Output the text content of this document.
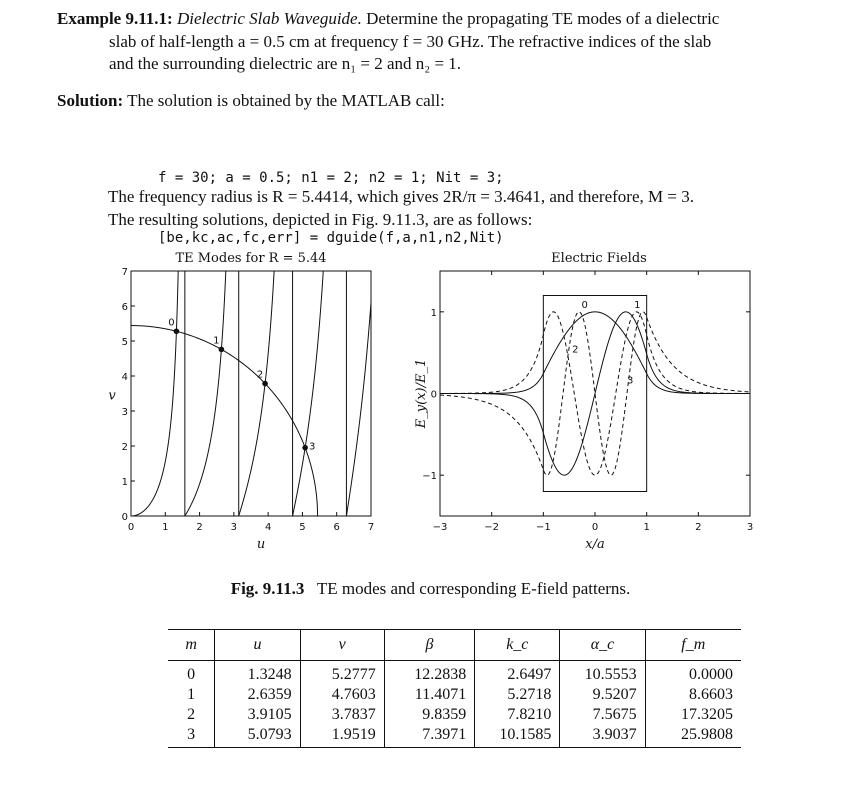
Example 9.11.1: Dielectric Slab Waveguide. Determine the propagating TE modes of a dielectric
slab of half-length a = 0.5 cm at frequency f = 30 GHz. The refractive indices of the slab
and the surrounding dielectric are n₁ = 2 and n₂ = 1.
Solution: The solution is obtained by the MATLAB call:

f = 30; a = 0.5; n1 = 2; n2 = 1; Nit = 3;

[be,kc,ac,fc,err] = dguide(f,a,n1,n2,Nit)

The frequency radius is R = 5.4414, which gives 2R/π = 3.4641, and therefore, M = 3.
The resulting solutions, depicted in Fig. 9.11.3, are as follows:
TE Modes for R = 5.44
0	1	2	3	4	5	6	7
0
1
2
3
4
5
6
7
u
v
0
1
2
3
Electric Fields
0	1
2
3
−3	−2	−1	0	1	2	3
−1
0
1
x/a
E_y(x)/E_1
Fig. 9.11.3 TE modes and corresponding E-field patterns.
m	u	v	β	k_c	α_c	f_m
0	1.3248	5.2777	12.2838	2.6497	10.5553	0.0000
1	2.6359	4.7603	11.4071	5.2718	9.5207	8.6603
2	3.9105	3.7837	9.8359	7.8210	7.5675	17.3205
3	5.0793	1.9519	7.3971	10.1585	3.9037	25.9808
